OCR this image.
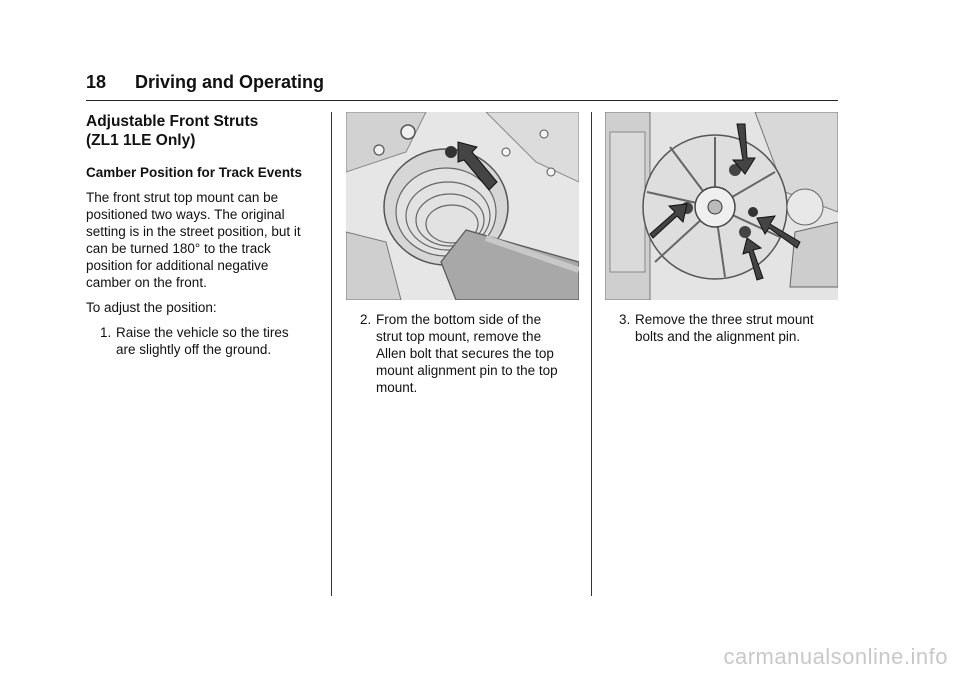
18 Driving and Operating
Adjustable Front Struts
(ZL1 1LE Only)
Camber Position for Track Events
The front strut top mount can be
positioned two ways. The original
setting is in the street position, but it
can be turned 180° to the track
position for additional negative
camber on the front.
To adjust the position:
1. Raise the vehicle so the tires
are slightly off the ground.
2. From the bottom side of the
strut top mount, remove the
Allen bolt that secures the top
mount alignment pin to the top
mount.
3. Remove the three strut mount
bolts and the alignment pin.
carmanualsonline.info
